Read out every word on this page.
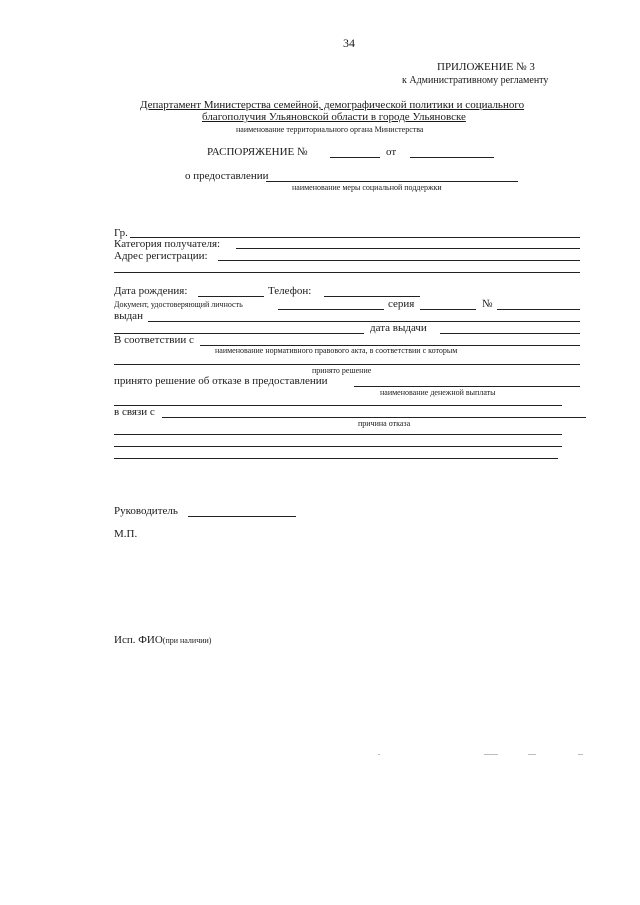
34
ПРИЛОЖЕНИЕ № 3
к Административному регламенту
Департамент Министерства семейной, демографической политики и социального
благополучия Ульяновской области в городе Ульяновске
наименование территориального органа Министерства
РАСПОРЯЖЕНИЕ №	от
о предоставлении
наименование меры социальной поддержки
Гр.
Категория получателя:
Адрес регистрации:
Дата рождения:	Телефон:
Документ, удостоверяющий личность	серия	№
выдан
дата выдачи
В соответствии с
наименование нормативного правового акта, в соответствии с которым
принято решение
принято решение об отказе в предоставлении
наименование денежной выплаты
в связи с
причина отказа
Руководитель
М.П.
Исп. ФИО(при наличии)
